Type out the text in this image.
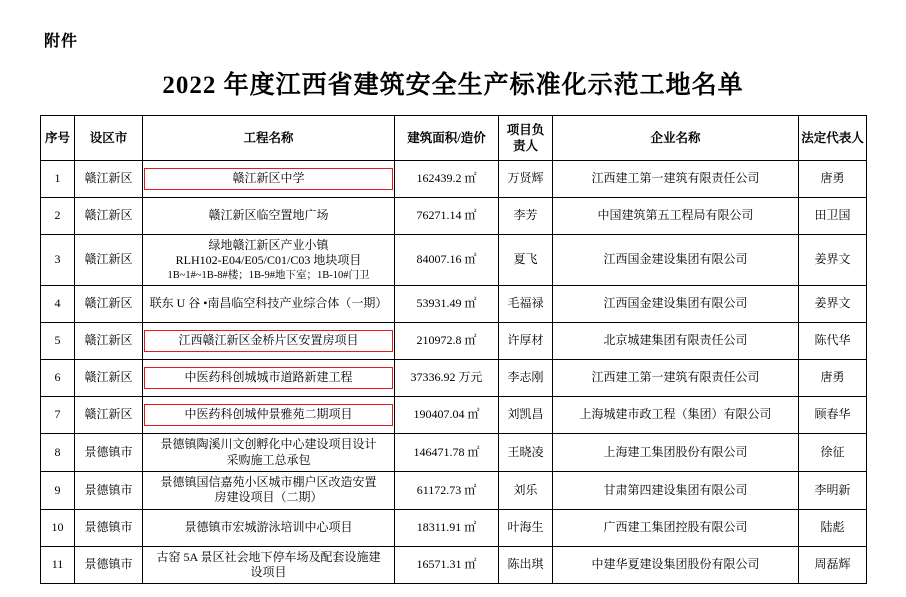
附件
2022 年度江西省建筑安全生产标准化示范工地名单
序号	设区市	工程名称	建筑面积/造价	项目负责人	企业名称	法定代表人
1	赣江新区	赣江新区中学	162439.2 ㎡	万贤辉	江西建工第一建筑有限责任公司	唐勇
2	赣江新区	赣江新区临空置地广场	76271.14 ㎡	李芳	中国建筑第五工程局有限公司	田卫国
3	赣江新区	绿地赣江新区产业小镇
RLH102-E04/E05/C01/C03 地块项目
1B~1#~1B-8#楼；1B-9#地下室；1B-10#门卫	84007.16 ㎡	夏飞	江西国金建设集团有限公司	姜界文
4	赣江新区	联东 U 谷 •南昌临空科技产业综合体（一期）	53931.49 ㎡	毛福禄	江西国金建设集团有限公司	姜界文
5	赣江新区	江西赣江新区金桥片区安置房项目	210972.8 ㎡	许厚材	北京城建集团有限责任公司	陈代华
6	赣江新区	中医药科创城城市道路新建工程	37336.92 万元	李志刚	江西建工第一建筑有限责任公司	唐勇
7	赣江新区	中医药科创城仲景雅苑二期项目	190407.04 ㎡	刘凯昌	上海城建市政工程（集团）有限公司	顾春华
8	景德镇市	景德镇陶溪川文创孵化中心建设项目设计
采购施工总承包	146471.78 ㎡	王晓凌	上海建工集团股份有限公司	徐征
9	景德镇市	景德镇国信嘉苑小区城市棚户区改造安置
房建设项目（二期）	61172.73 ㎡	刘乐	甘肃第四建设集团有限公司	李明新
10	景德镇市	景德镇市宏城游泳培训中心项目	18311.91 ㎡	叶海生	广西建工集团控股有限公司	陆彪
11	景德镇市	古窑 5A 景区社会地下停车场及配套设施建
设项目	16571.31 ㎡	陈出琪	中建华夏建设集团股份有限公司	周磊辉
